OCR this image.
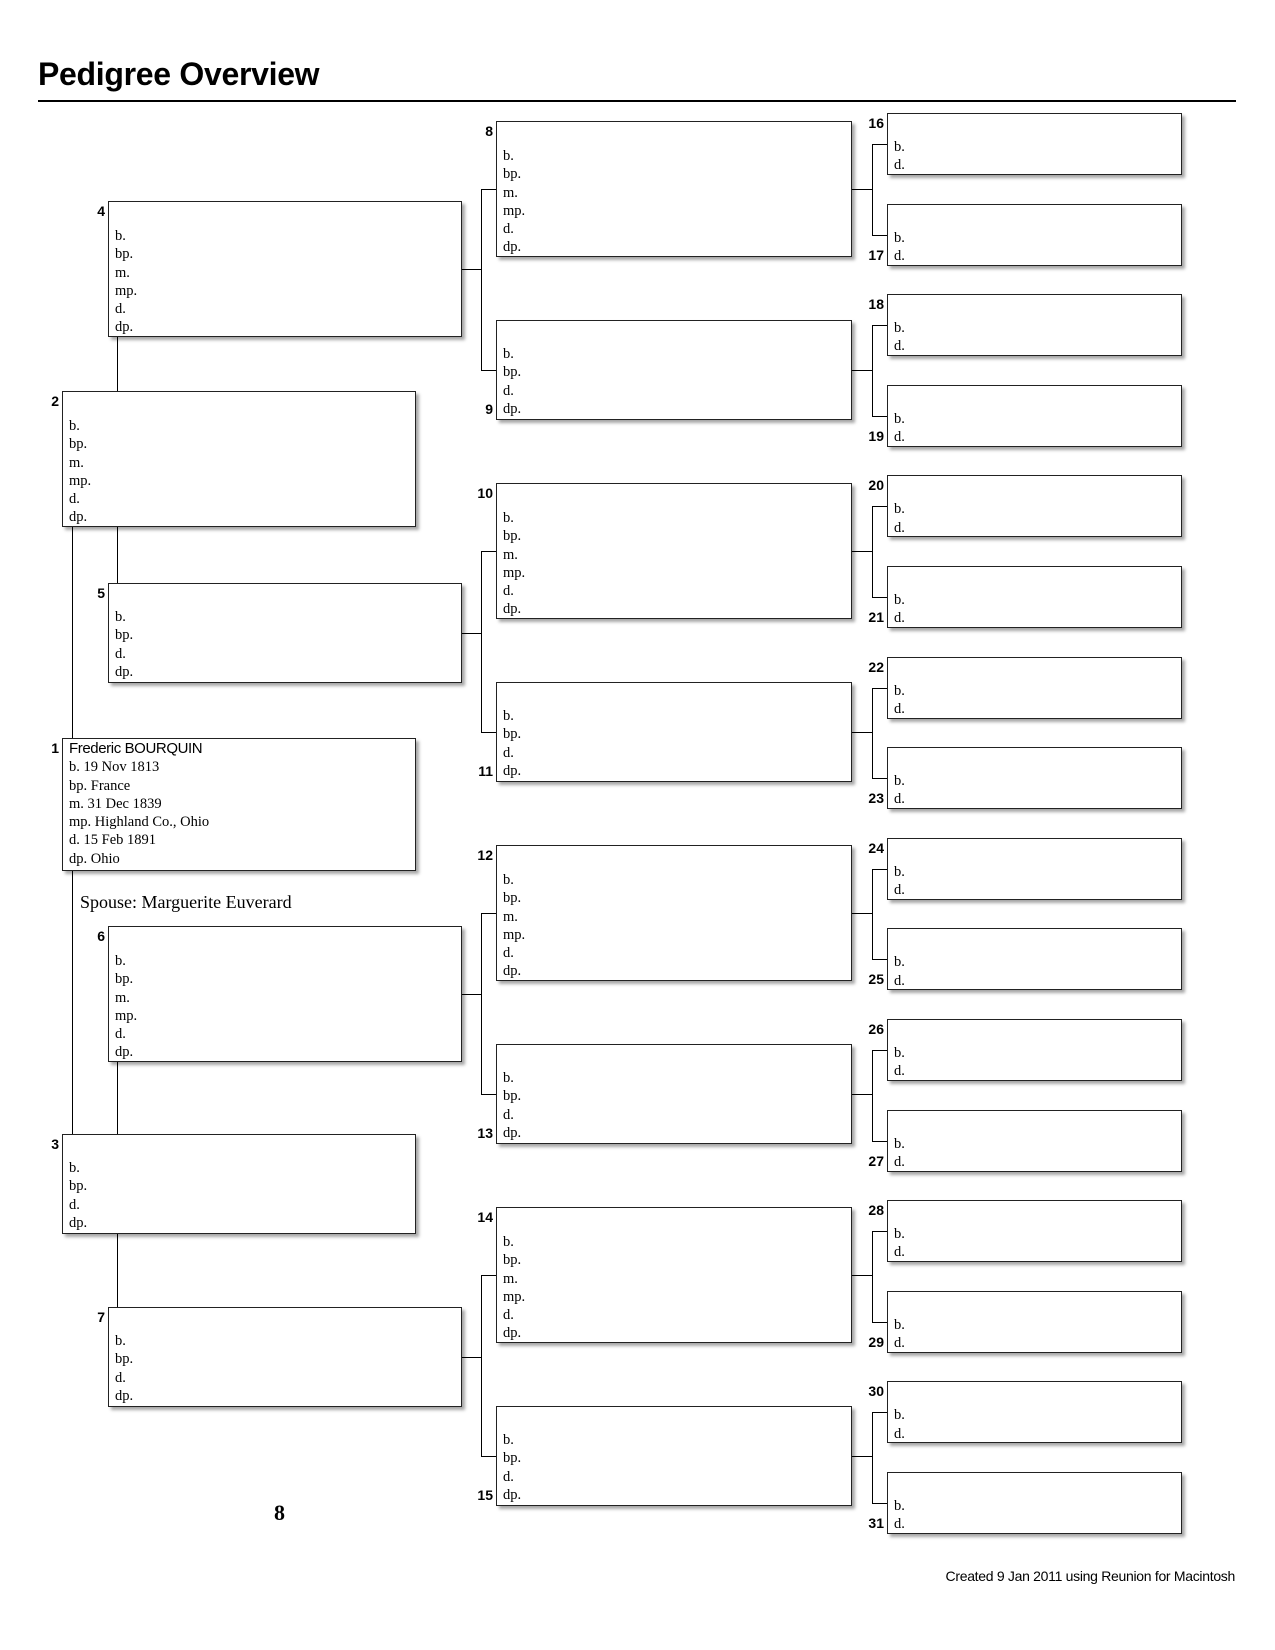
Pedigree Overview
Frederic BOURQUIN
b. 19 Nov 1813
bp. France
m. 31 Dec 1839
mp. Highland Co., Ohio
d. 15 Feb 1891
dp. Ohio
1
b.
bp.
m.
mp.
d.
dp.
2
b.
bp.
d.
dp.
3
b.
bp.
m.
mp.
d.
dp.
4
b.
bp.
d.
dp.
5
b.
bp.
m.
mp.
d.
dp.
6
b.
bp.
d.
dp.
7
b.
bp.
m.
mp.
d.
dp.
8
b.
bp.
d.
dp.
9
b.
bp.
m.
mp.
d.
dp.
10
b.
bp.
d.
dp.
11
b.
bp.
m.
mp.
d.
dp.
12
b.
bp.
d.
dp.
13
b.
bp.
m.
mp.
d.
dp.
14
b.
bp.
d.
dp.
15
b.
d.
16
b.
d.
17
b.
d.
18
b.
d.
19
b.
d.
20
b.
d.
21
b.
d.
22
b.
d.
23
b.
d.
24
b.
d.
25
b.
d.
26
b.
d.
27
b.
d.
28
b.
d.
29
b.
d.
30
b.
d.
31
Spouse: Marguerite Euverard
8
Created 9 Jan 2011 using Reunion for Macintosh
